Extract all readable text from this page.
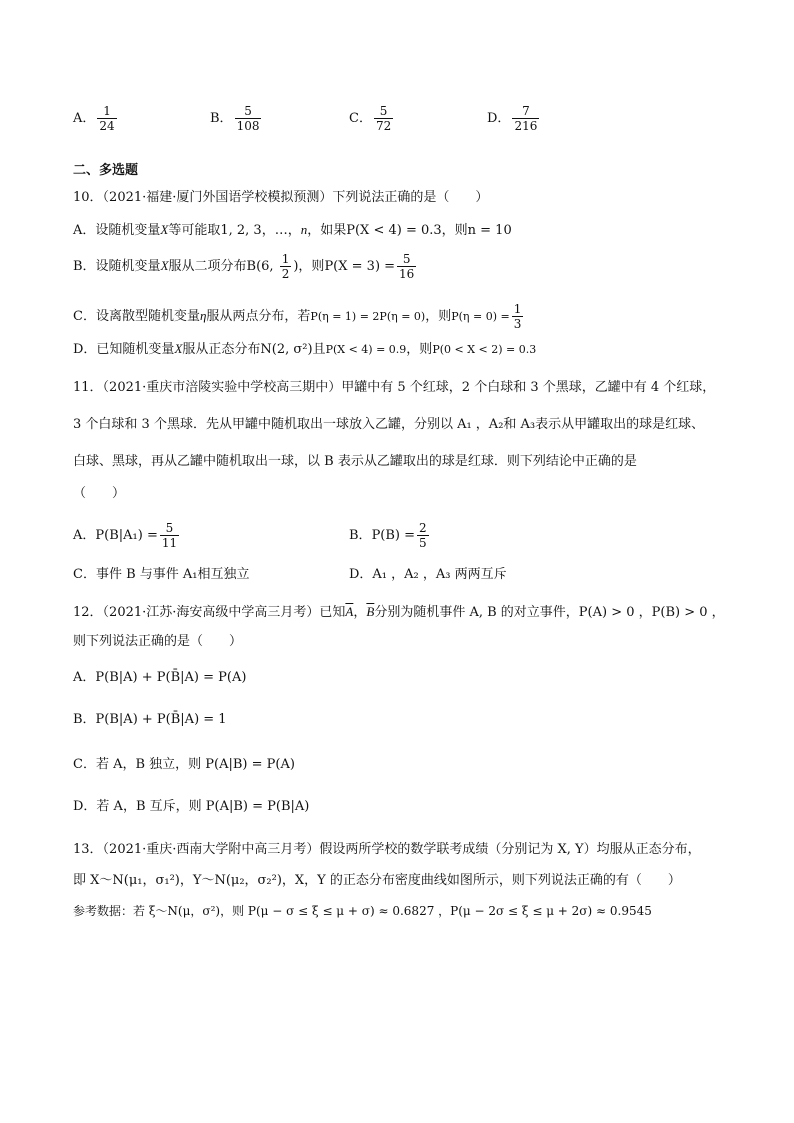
A． $\frac{1}{24}$	B． $\frac{5}{108}$	C． $\frac{5}{72}$	D． $\frac{7}{216}$
二、多选题
10．（2021·福建·厦门外国语学校模拟预测）下列说法正确的是（　　）
A．设随机变量X等可能取1, 2, 3，…，n，如果P(X < 4) = 0.3，则n = 10
B．设随机变量X服从二项分布B(6, $\frac{1}{2}$ )，则$P(X = 3) = \frac{5}{16}$
C．设离散型随机变量η服从两点分布，若P(η = 1) = 2P(η = 0)，则$P(\eta = 0) = \frac{1}{3}$
D．已知随机变量X服从正态分布N(2, σ²)且P(X < 4) = 0.9，则P(0 < X < 2) = 0.3
11．（2021·重庆市涪陵实验中学校高三期中）甲罐中有 5 个红球，2 个白球和 3 个黑球，乙罐中有 4 个红球，
3 个白球和 3 个黑球．先从甲罐中随机取出一球放入乙罐，分别以 A₁ ，A₂和 A₃表示从甲罐取出的球是红球、
白球、黑球，再从乙罐中随机取出一球，以 B 表示从乙罐取出的球是红球．则下列结论中正确的是
（　　）
A．$P(B|A_1) = \frac{5}{11}$	B．$P(B) = \frac{2}{5}$
C．事件 B 与事件 A₁相互独立	D．A₁ ，A₂ ，A₃ 两两互斥
12．（2021·江苏·海安高级中学高三月考）已知$\overline{A}$，$\overline{B}$分别为随机事件 A, B 的对立事件，P(A) > 0 ，P(B) > 0 ，
则下列说法正确的是（　　）
A．P(B|A) + P(B̄|A) = P(A)
B．P(B|A) + P(B̄|A) = 1
C．若 A，B 独立，则 P(A|B) = P(A)
D．若 A，B 互斥，则 P(A|B) = P(B|A)
13．（2021·重庆·西南大学附中高三月考）假设两所学校的数学联考成绩（分别记为 X, Y）均服从正态分布，
即 X～N(μ₁，σ₁²)，Y～N(μ₂，σ₂²)，X，Y 的正态分布密度曲线如图所示，则下列说法正确的有（　　）
参考数据：若 ξ～N(μ，σ²)，则 P(μ − σ ≤ ξ ≤ μ + σ) ≈ 0.6827 ，P(μ − 2σ ≤ ξ ≤ μ + 2σ) ≈ 0.9545
